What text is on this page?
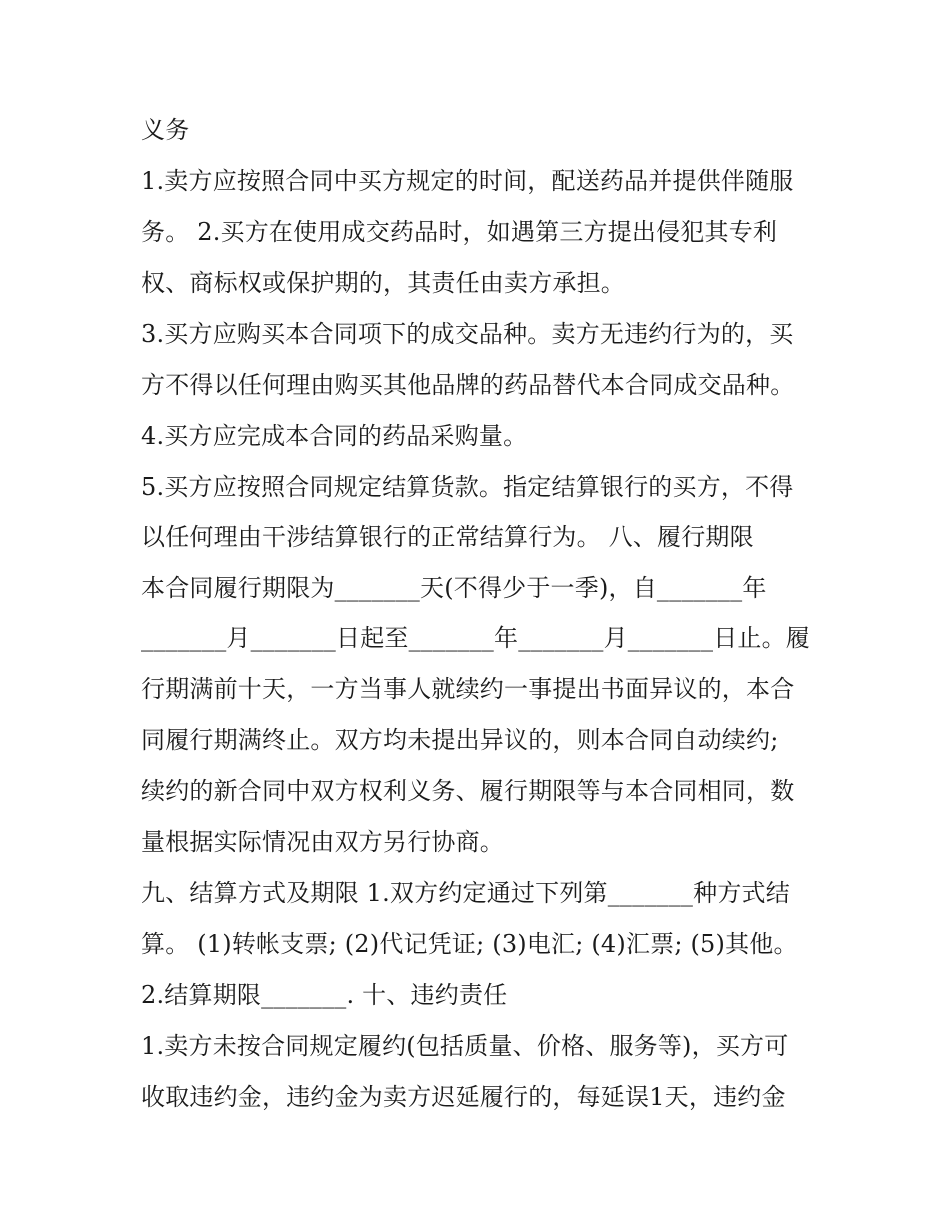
义务
1.卖方应按照合同中买方规定的时间，配送药品并提供伴随服
务。 2.买方在使用成交药品时，如遇第三方提出侵犯其专利
权、商标权或保护期的，其责任由卖方承担。
3.买方应购买本合同项下的成交品种。卖方无违约行为的，买
方不得以任何理由购买其他品牌的药品替代本合同成交品种。
4.买方应完成本合同的药品采购量。
5.买方应按照合同规定结算货款。指定结算银行的买方，不得
以任何理由干涉结算银行的正常结算行为。 八、履行期限
本合同履行期限为_______天(不得少于一季)，自_______年
_______月_______日起至_______年_______月_______日止。履
行期满前十天，一方当事人就续约一事提出书面异议的，本合
同履行期满终止。双方均未提出异议的，则本合同自动续约;
续约的新合同中双方权利义务、履行期限等与本合同相同，数
量根据实际情况由双方另行协商。
九、结算方式及期限 1.双方约定通过下列第_______种方式结
算。 (1)转帐支票; (2)代记凭证; (3)电汇; (4)汇票; (5)其他。
2.结算期限_______. 十、违约责任
1.卖方未按合同规定履约(包括质量、价格、服务等)，买方可
收取违约金，违约金为卖方迟延履行的，每延误1天，违约金
